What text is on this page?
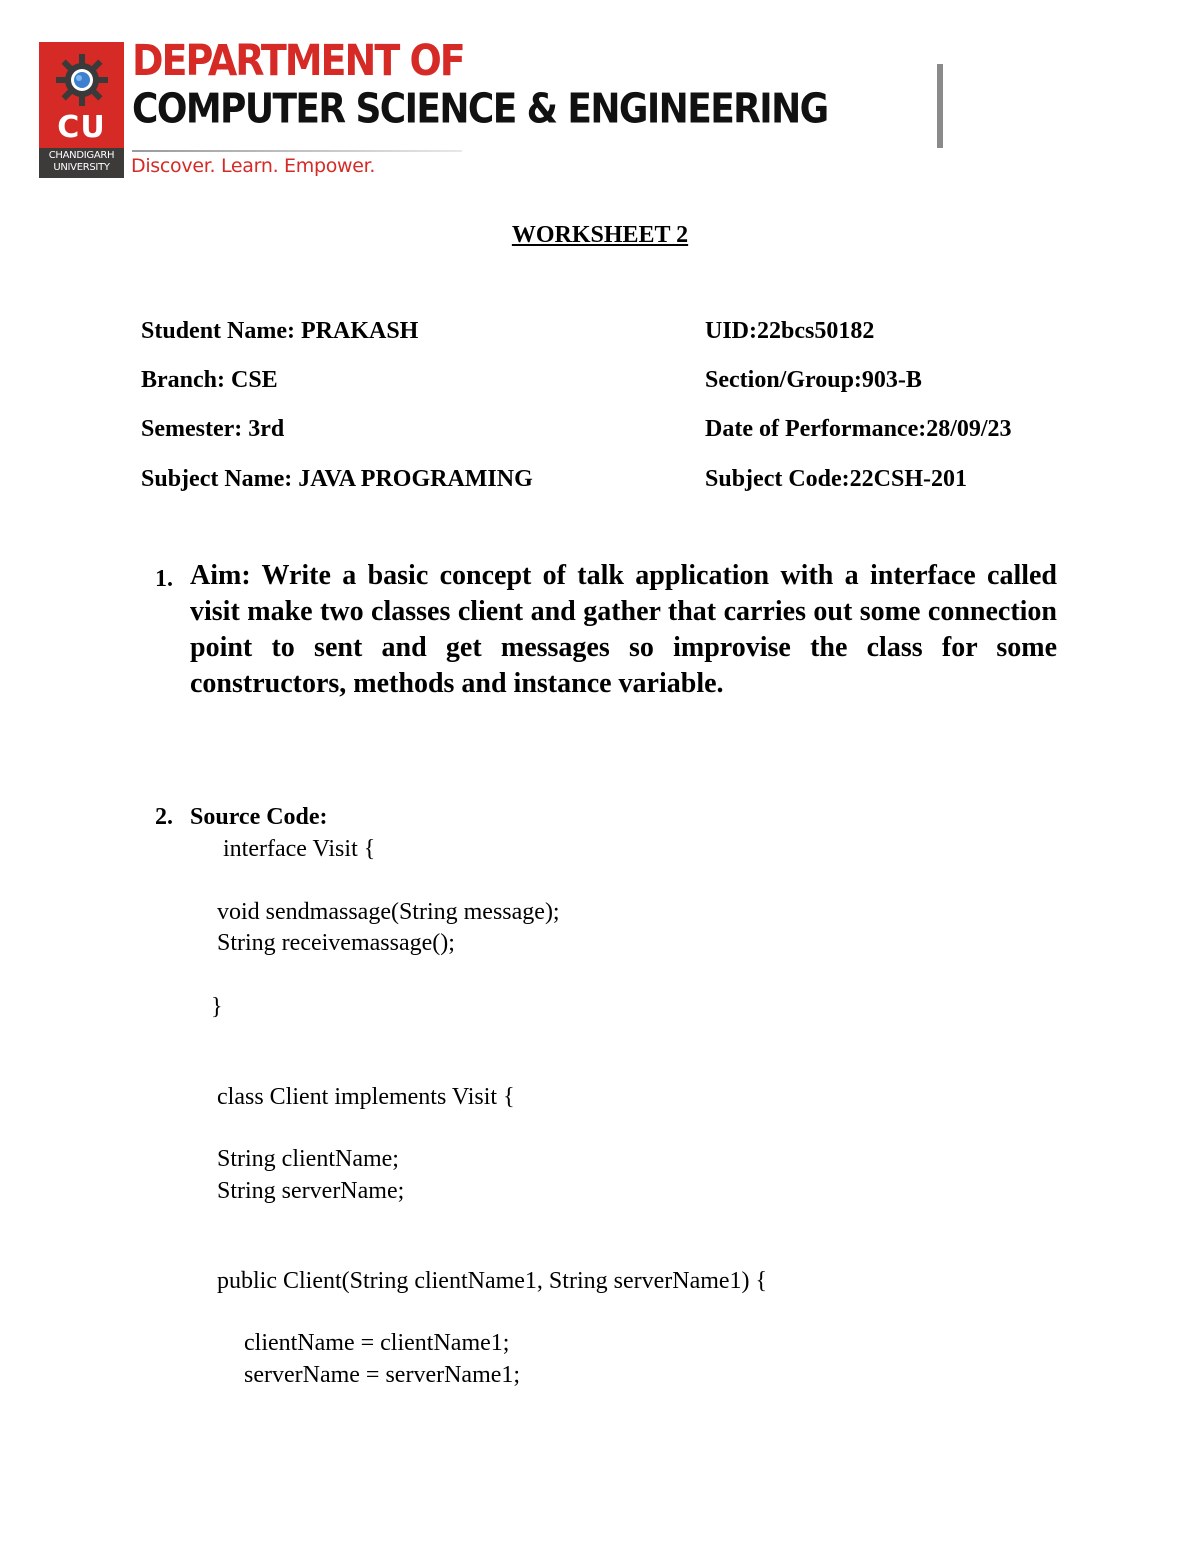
CU
CHANDIGARH
UNIVERSITY
DEPARTMENT OF
COMPUTER SCIENCE & ENGINEERING
Discover. Learn. Empower.
WORKSHEET 2
Student Name: PRAKASH	UID:22bcs50182
Branch: CSE	Section/Group:903-B
Semester: 3rd	Date of Performance:28/09/23
Subject Name: JAVA PROGRAMING	Subject Code:22CSH-201
1. Aim: Write a basic concept of talk application with a interface called visit make two classes client and gather that carries out some connection point to sent and get messages so improvise the class for some constructors, methods and instance variable.
2. Source Code:
interface Visit {
void sendmassage(String message);
String receivemassage();
}
class Client implements Visit {
String clientName;
String serverName;
public Client(String clientName1, String serverName1) {
clientName = clientName1;
serverName = serverName1;
